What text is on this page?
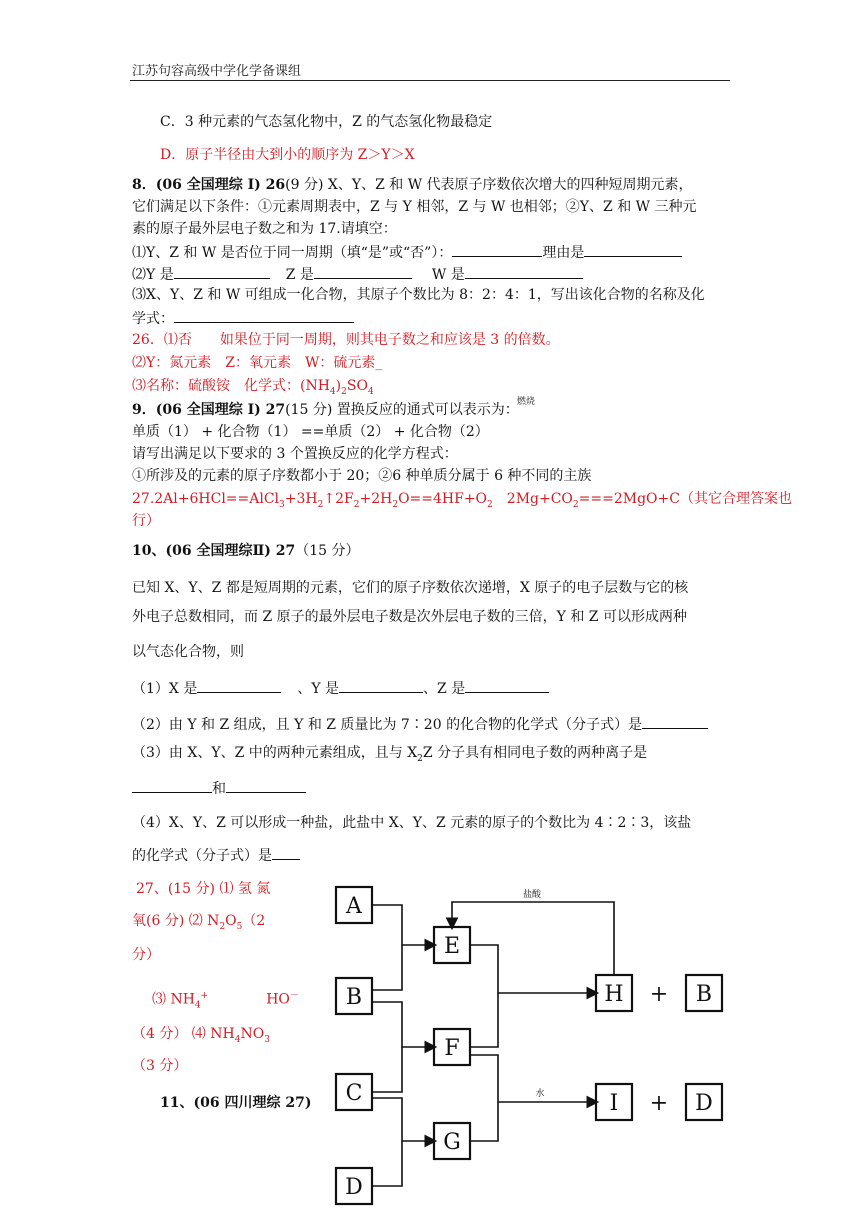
江苏句容高级中学化学备课组
C．3 种元素的气态氢化物中，Z 的气态氢化物最稳定
D．原子半径由大到小的顺序为 Z＞Y＞X
8．(06 全国理综 I) 26(9 分) X、Y、Z 和 W 代表原子序数依次增大的四种短周期元素，
它们满足以下条件：①元素周期表中，Z 与 Y 相邻，Z 与 W 也相邻；②Y、Z 和 W 三种元
素的原子最外层电子数之和为 17.请填空：
⑴Y、Z 和 W 是否位于同一周期（填“是”或“否”）：	理由是
⑵Y 是	Z 是	W 是
⑶X、Y、Z 和 W 可组成一化合物，其原子个数比为 8：2：4：1，写出该化合物的名称及化
学式：
26．⑴否　　如果位于同一周期，则其电子数之和应该是 3 的倍数。
⑵Y：氮元素　Z：氧元素　W：硫元素_
⑶名称：硫酸铵　化学式：$(NH_4)_2SO_4$
燃烧
9．(06 全国理综 I) 27(15 分) 置换反应的通式可以表示为：
单质（1） + 化合物（1） ==单质（2） + 化合物（2）
请写出满足以下要求的 3 个置换反应的化学方程式：
①所涉及的元素的原子序数都小于 20；②6 种单质分属于 6 种不同的主族
$27.2Al+6HCl==AlCl_3+3H_2↑2F_2+2H_2O==4HF+O_2$　$2Mg+CO_2===2MgO+C$（其它合理答案也
行）
10、(06 全国理综Ⅱ) 27（15 分）
已知 X、Y、Z 都是短周期的元素，它们的原子序数依次递增，X 原子的电子层数与它的核
外电子总数相同，而 Z 原子的最外层电子数是次外层电子数的三倍，Y 和 Z 可以形成两种
以气态化合物，则
（1）X 是	、Y 是	、Z 是
（2）由 Y 和 Z 组成，且 Y 和 Z 质量比为 7∶20 的化合物的化学式（分子式）是
（3）由 X、Y、Z 中的两种元素组成，且与 $X_2Z$ 分子具有相同电子数的两种离子是
和
（4）X、Y、Z 可以形成一种盐，此盐中 X、Y、Z 元素的原子的个数比为 4∶2∶3，该盐
的化学式（分子式）是
27、(15 分) ⑴ 氢 氮
氧(6 分) ⑵ $N_2O_5(2$
分）
⑶ $NH_4^+$	HO－
（4 分） ⑷ $NH_4NO_3$
（3 分）
11、(06 四川理综 27)
A
B
C
D
E
F
G
H	B
I	D
+
+
盐酸
水
